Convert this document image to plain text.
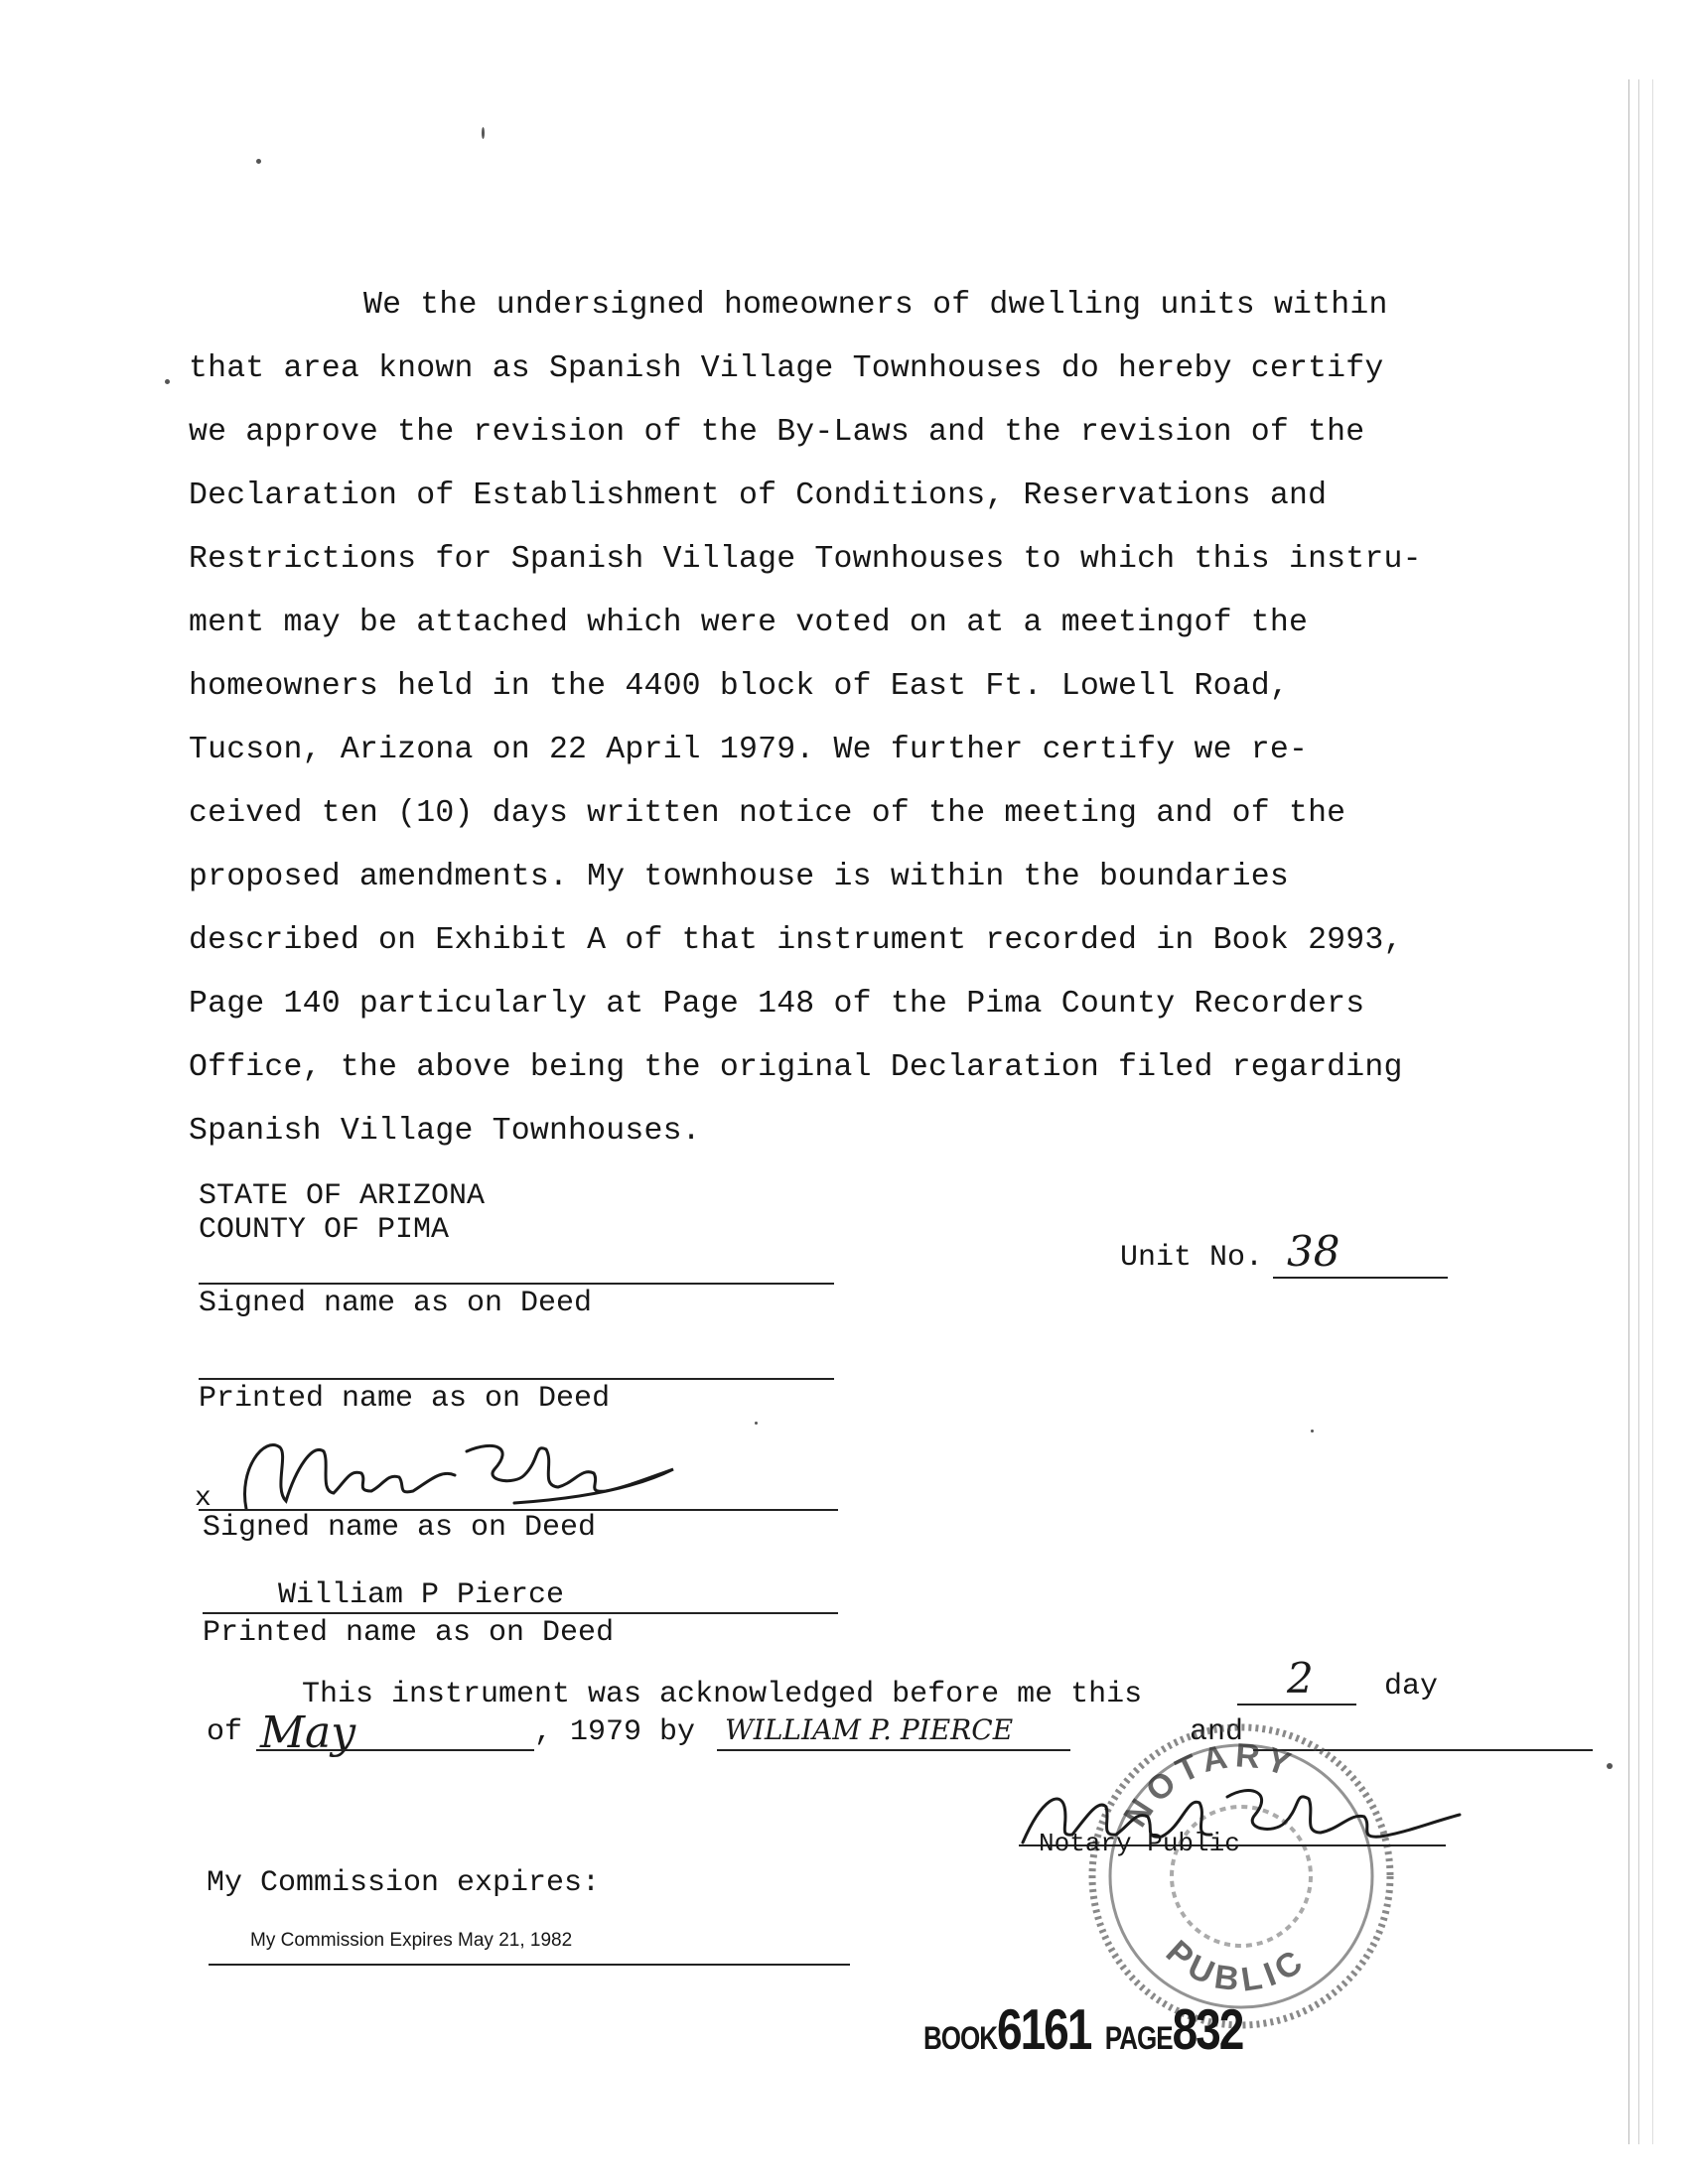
We the undersigned homeowners of dwelling units within
that area known as Spanish Village Townhouses do hereby certify
we approve the revision of the By-Laws and the revision of the
Declaration of Establishment of Conditions, Reservations and
Restrictions for Spanish Village Townhouses to which this instru-
ment may be attached which were voted on at a meetingof the
homeowners held in the 4400 block of East Ft. Lowell Road,
Tucson, Arizona on 22 April 1979. We further certify we re-
ceived ten (10) days written notice of the meeting and of the
proposed amendments. My townhouse is within the boundaries
described on Exhibit A of that instrument recorded in Book 2993,
Page 140 particularly at Page 148 of the Pima County Recorders
Office, the above being the original Declaration filed regarding
Spanish Village Townhouses.

STATE OF ARIZONA
COUNTY OF PIMA
Unit No. 38
Signed name as on Deed
Printed name as on Deed
x
Signed name as on Deed
William P Pierce
Printed name as on Deed
This instrument was acknowledged before me this	2 day
of May	, 1979 by WILLIAM P. PIERCE	and
NOTARY
PUBLIC
Notary Public
My Commission expires:
My Commission Expires May 21, 1982
BOOK6161 PAGE832
